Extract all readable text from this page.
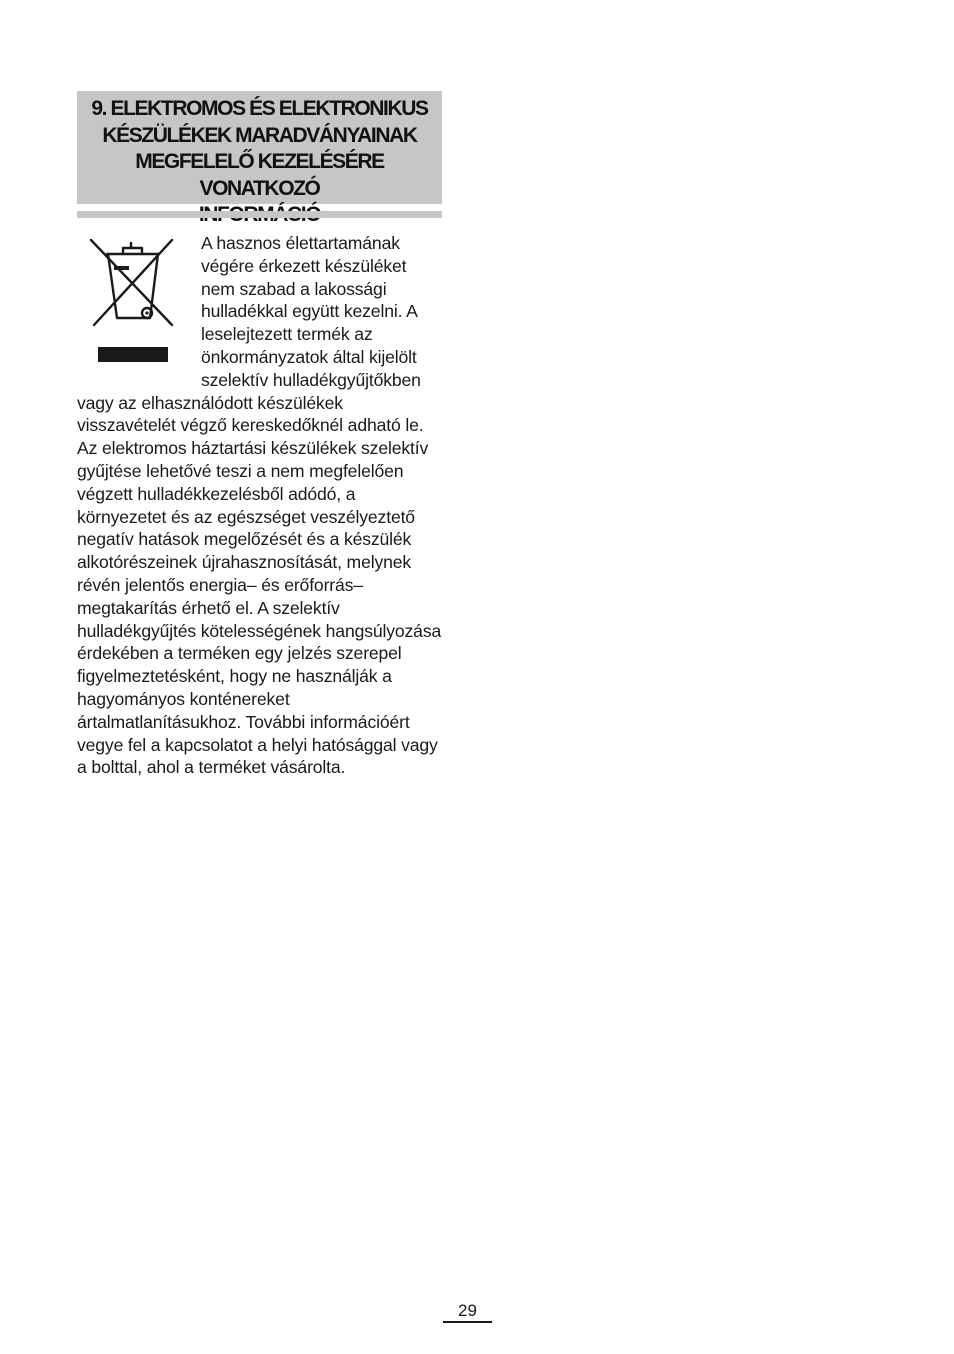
9. ELEKTROMOS ÉS ELEKTRONIKUS
KÉSZÜLÉKEK MARADVÁNYAINAK
MEGFELELŐ KEZELÉSÉRE VONATKOZÓ

A hasznos élettartamának végére érkezett készüléket nem szabad a lakossági hulladékkal együtt kezelni. A leselejtezett termék az önkormányzatok által kijelölt szelektív hulladékgyűjtőkben vagy az elhasználódott készülékek visszavételét végző kereskedőknél adható le. Az elektromos háztartási készülékek szelektív gyűjtése lehetővé teszi a nem megfelelően végzett hulladékkezelésből adódó, a környezetet és az egészséget veszélyeztető negatív hatások megelőzését és a készülék alkotórészeinek újrahasznosítását, melynek révén jelentős energia– és erőforrás– megtakarítás érhető el. A szelektív hulladékgyűjtés kötelességének hangsúlyozása érdekében a terméken egy jelzés szerepel figyelmeztetésként, hogy ne használják a hagyományos konténereket ártalmatlanításukhoz. További információért vegye fel a kapcsolatot a helyi hatósággal vagy a bolttal, ahol a terméket vásárolta.

29
